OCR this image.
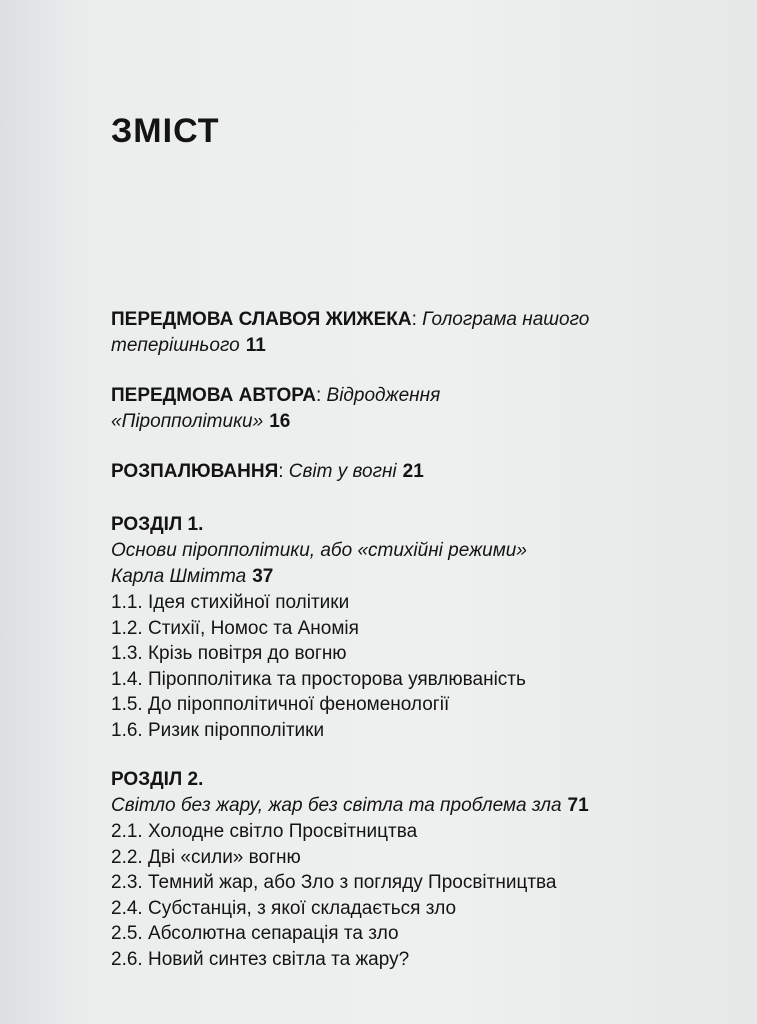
ЗМІСТ
ПЕРЕДМОВА СЛАВОЯ ЖИЖЕКА: Голограма нашого
теперішнього 11
ПЕРЕДМОВА АВТОРА: Відродження
«Піропполітики» 16
РОЗПАЛЮВАННЯ: Світ у вогні 21
РОЗДІЛ 1.
Основи піропполітики, або «стихійні режими»
Карла Шмітта 37
1.1. Ідея стихійної політики
1.2. Стихії, Номос та Аномія
1.3. Крізь повітря до вогню
1.4. Піропполітика та просторова уявлюваність
1.5. До піропполітичної феноменології
1.6. Ризик піропполітики
РОЗДІЛ 2.
Світло без жару, жар без світла та проблема зла 71
2.1. Холодне світло Просвітництва
2.2. Дві «сили» вогню
2.3. Темний жар, або Зло з погляду Просвітництва
2.4. Субстанція, з якої складається зло
2.5. Абсолютна сепарація та зло
2.6. Новий синтез світла та жару?
